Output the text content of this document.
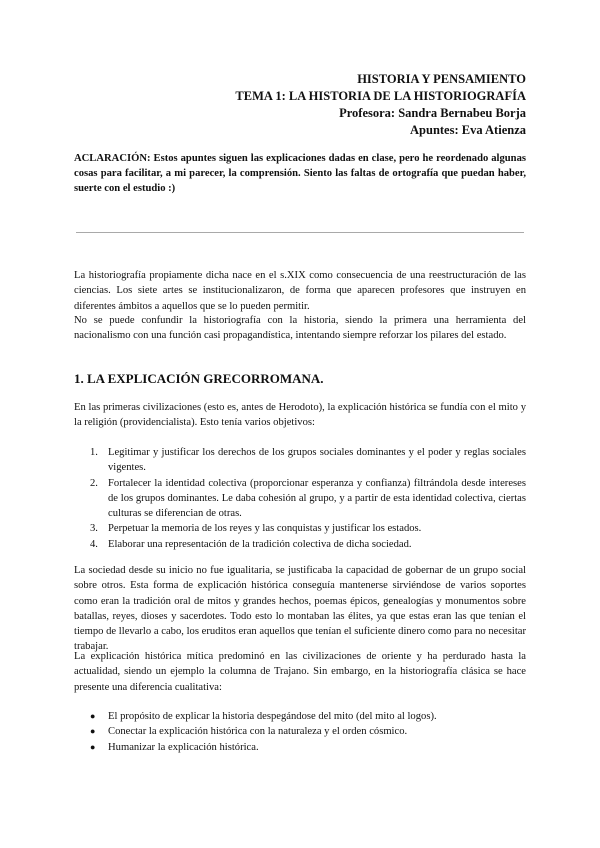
HISTORIA Y PENSAMIENTO
TEMA 1: LA HISTORIA DE LA HISTORIOGRAFÍA
Profesora: Sandra Bernabeu Borja
Apuntes: Eva Atienza
ACLARACIÓN: Estos apuntes siguen las explicaciones dadas en clase, pero he reordenado algunas cosas para facilitar, a mi parecer, la comprensión. Siento las faltas de ortografía que puedan haber, suerte con el estudio :)
La historiografía propiamente dicha nace en el s.XIX como consecuencia de una reestructuración de las ciencias. Los siete artes se institucionalizaron, de forma que aparecen profesores que instruyen en diferentes ámbitos a aquellos que se lo pueden permitir.
No se puede confundir la historiografía con la historia, siendo la primera una herramienta del nacionalismo con una función casi propagandística, intentando siempre reforzar los pilares del estado.
1. LA EXPLICACIÓN GRECORROMANA.
En las primeras civilizaciones (esto es, antes de Herodoto), la explicación histórica se fundía con el mito y la religión (providencialista). Esto tenía varios objetivos:
1. Legitimar y justificar los derechos de los grupos sociales dominantes y el poder y reglas sociales vigentes.
2. Fortalecer la identidad colectiva (proporcionar esperanza y confianza) filtrándola desde intereses de los grupos dominantes. Le daba cohesión al grupo, y a partir de esta identidad colectiva, ciertas culturas se diferencian de otras.
3. Perpetuar la memoria de los reyes y las conquistas y justificar los estados.
4. Elaborar una representación de la tradición colectiva de dicha sociedad.
La sociedad desde su inicio no fue igualitaria, se justificaba la capacidad de gobernar de un grupo social sobre otros. Esta forma de explicación histórica conseguía mantenerse sirviéndose de varios soportes como eran la tradición oral de mitos y grandes hechos, poemas épicos, genealogías y monumentos sobre batallas, reyes, dioses y sacerdotes. Todo esto lo montaban las élites, ya que estas eran las que tenían el tiempo de llevarlo a cabo, los eruditos eran aquellos que tenían el suficiente dinero como para no necesitar trabajar.
La explicación histórica mítica predominó en las civilizaciones de oriente y ha perdurado hasta la actualidad, siendo un ejemplo la columna de Trajano. Sin embargo, en la historiografía clásica se hace presente una diferencia cualitativa:
● El propósito de explicar la historia despegándose del mito (del mito al logos).
● Conectar la explicación histórica con la naturaleza y el orden cósmico.
● Humanizar la explicación histórica.
